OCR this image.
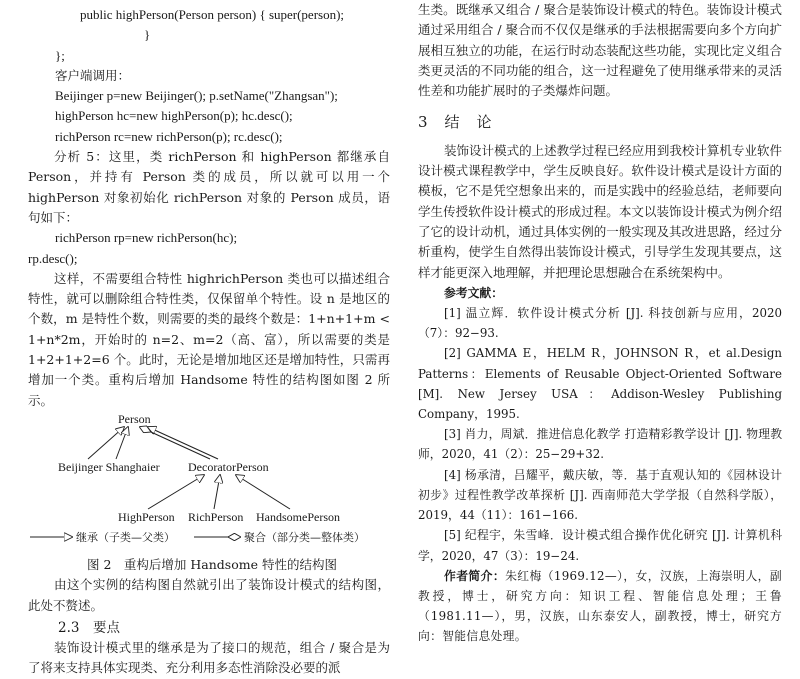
public highPerson(Person person) { super(person);
}
};
客户端调用：
Beijinger p=new Beijinger(); p.setName("Zhangsan");
highPerson hc=new highPerson(p); hc.desc();
richPerson rc=new richPerson(p); rc.desc();
分析 5：这里，类 richPerson 和 highPerson 都继承自 Person，并持有 Person 类的成员，所以就可以用一个 highPerson 对象初始化 richPerson 对象的 Person 成员，语句如下：
richPerson rp=new richPerson(hc);
rp.desc();
这样，不需要组合特性 highrichPerson 类也可以描述组合特性，就可以删除组合特性类，仅保留单个特性。设 n 是地区的个数，m 是特性个数，则需要的类的最终个数是：1+n+1+m < 1+n*2m，开始时的 n=2、m=2（高、富），所以需要的类是 1+2+1+2=6 个。此时，无论是增加地区还是增加特性，只需再增加一个类。重构后增加 Handsome 特性的结构图如图 2 所示。
Person
Beijinger Shanghaier DecoratorPerson
HighPerson RichPerson HandsomePerson
继承（子类—父类）	聚合（部分类—整体类）
图 2　重构后增加 Handsome 特性的结构图
由这个实例的结构图自然就引出了装饰设计模式的结构图，此处不赘述。
2.3　要点
装饰设计模式里的继承是为了接口的规范，组合 / 聚合是为了将来支持具体实现类、充分利用多态性消除没必要的派
生类。既继承又组合 / 聚合是装饰设计模式的特色。装饰设计模式通过采用组合 / 聚合而不仅仅是继承的手法根据需要向多个方向扩展相互独立的功能，在运行时动态装配这些功能，实现比定义组合类更灵活的不同功能的组合，这一过程避免了使用继承带来的灵活性差和功能扩展时的子类爆炸问题。
3　结　论
装饰设计模式的上述教学过程已经应用到我校计算机专业软件设计模式课程教学中，学生反映良好。软件设计模式是设计方面的模板，它不是凭空想象出来的，而是实践中的经验总结，老师要向学生传授软件设计模式的形成过程。本文以装饰设计模式为例介绍了它的设计动机，通过具体实例的一般实现及其改进思路，经过分析重构，使学生自然得出装饰设计模式，引导学生发现其要点，这样才能更深入地理解，并把理论思想融合在系统架构中。
参考文献：
[1] 温立辉．软件设计模式分析 [J]. 科技创新与应用，2020（7）：92−93.
[2] GAMMA E，HELM R，JOHNSON R，et al.Design Patterns：Elements of Reusable Object-Oriented Software [M]. New Jersey USA：Addison-Wesley Publishing Company，1995.
[3] 肖力，周斌．推进信息化教学 打造精彩教学设计 [J]. 物理教师，2020，41（2）：25−29+32.
[4] 杨承清，吕耀平，戴庆敏，等．基于直观认知的《园林设计初步》过程性教学改革探析 [J]. 西南师范大学学报（自然科学版），2019，44（11）：161−166.
[5] 纪程宇，朱雪峰．设计模式组合操作优化研究 [J]. 计算机科学，2020，47（3）：19−24.
作者简介：朱红梅（1969.12—），女，汉族，上海崇明人，副教授，博士，研究方向：知识工程、智能信息处理；王鲁（1981.11—），男，汉族，山东泰安人，副教授，博士，研究方向：智能信息处理。
